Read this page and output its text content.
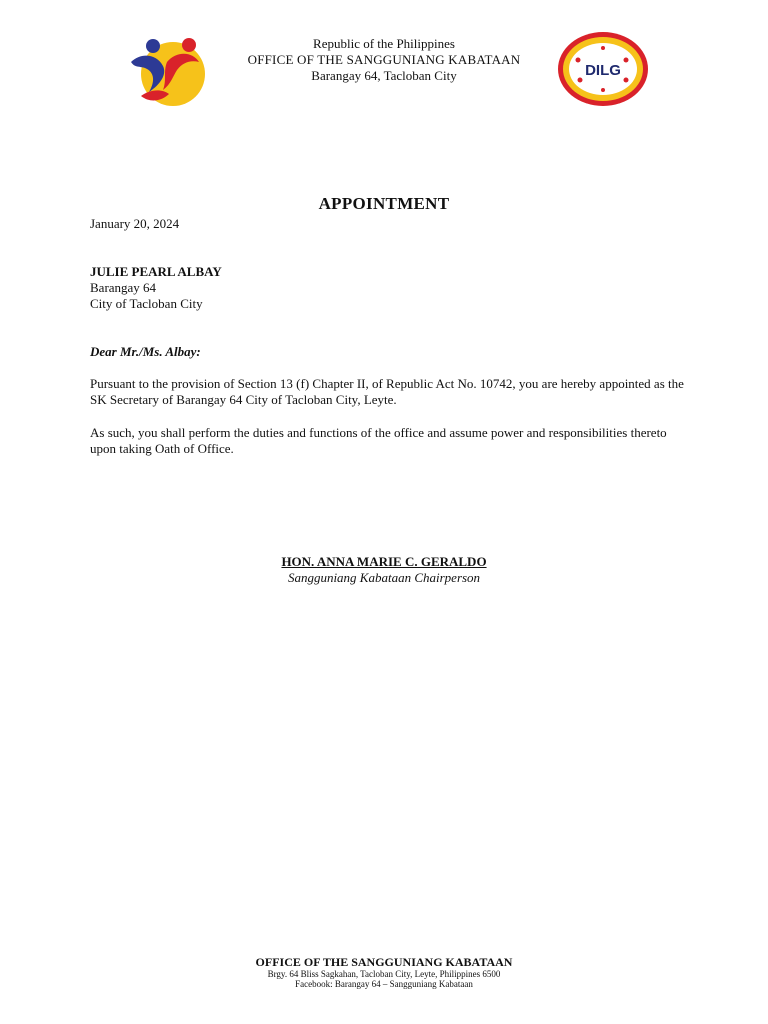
Republic of the Philippines
OFFICE OF THE SANGGUNIANG KABATAAN
Barangay 64, Tacloban City	DILG
APPOINTMENT
January 20, 2024
JULIE PEARL ALBAY
Barangay 64
City of Tacloban City
Dear Mr./Ms. Albay:
Pursuant to the provision of Section 13 (f) Chapter II, of Republic Act No. 10742, you are hereby appointed as the SK Secretary of Barangay 64 City of Tacloban City, Leyte.
As such, you shall perform the duties and functions of the office and assume power and responsibilities thereto upon taking Oath of Office.
HON. ANNA MARIE C. GERALDO
Sangguniang Kabataan Chairperson
OFFICE OF THE SANGGUNIANG KABATAAN
Brgy. 64 Bliss Sagkahan, Tacloban City, Leyte, Philippines 6500
Facebook: Barangay 64 – Sangguniang Kabataan
